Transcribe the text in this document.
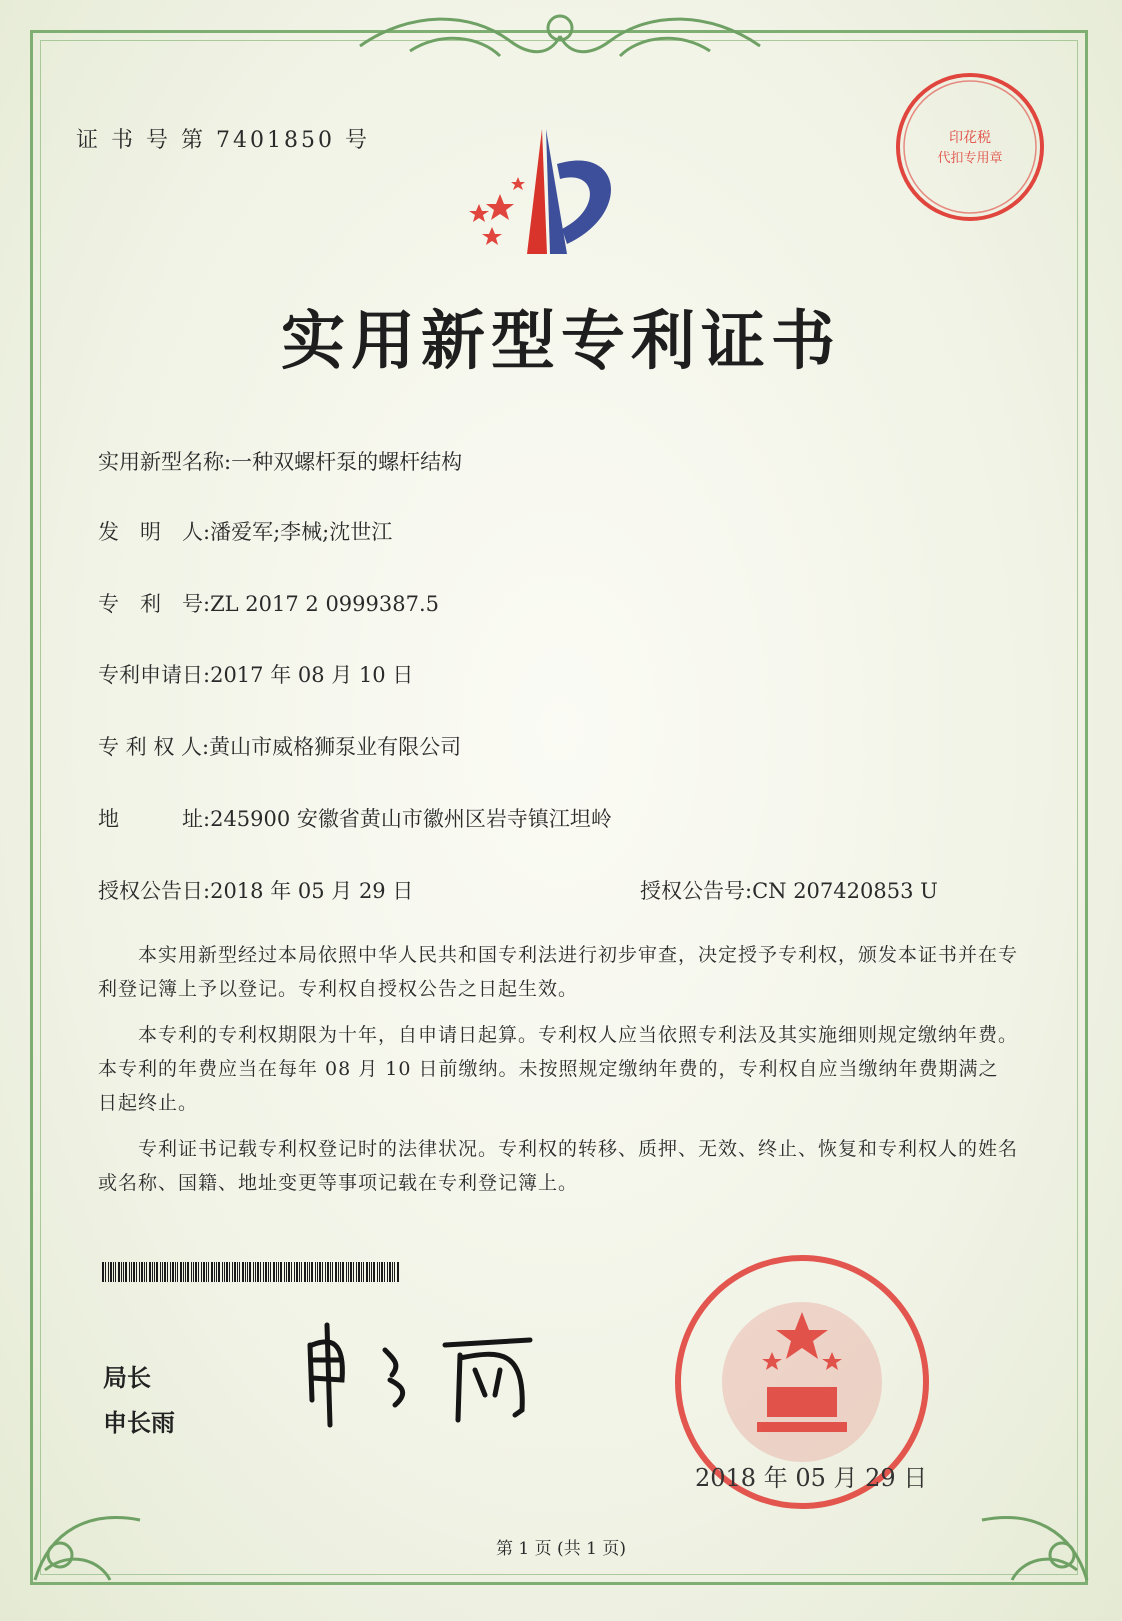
证 书 号 第 7401850 号	印花税
代扣专用章
实用新型专利证书
实用新型名称:一种双螺杆泵的螺杆结构
发　明　人:潘爱军;李械;沈世江
专　利　号:ZL 2017 2 0999387.5
专利申请日:2017 年 08 月 10 日
专 利 权 人:黄山市威格狮泵业有限公司
地　　　址:245900 安徽省黄山市徽州区岩寺镇江坦岭
授权公告日:2018 年 05 月 29 日	授权公告号:CN 207420853 U
本实用新型经过本局依照中华人民共和国专利法进行初步审查，决定授予专利权，颁发本证书并在专利登记簿上予以登记。专利权自授权公告之日起生效。
本专利的专利权期限为十年，自申请日起算。专利权人应当依照专利法及其实施细则规定缴纳年费。本专利的年费应当在每年 08 月 10 日前缴纳。未按照规定缴纳年费的，专利权自应当缴纳年费期满之日起终止。
专利证书记载专利权登记时的法律状况。专利权的转移、质押、无效、终止、恢复和专利权人的姓名或名称、国籍、地址变更等事项记载在专利登记簿上。
局长
申长雨
2018 年 05 月 29 日
第 1 页 (共 1 页)
